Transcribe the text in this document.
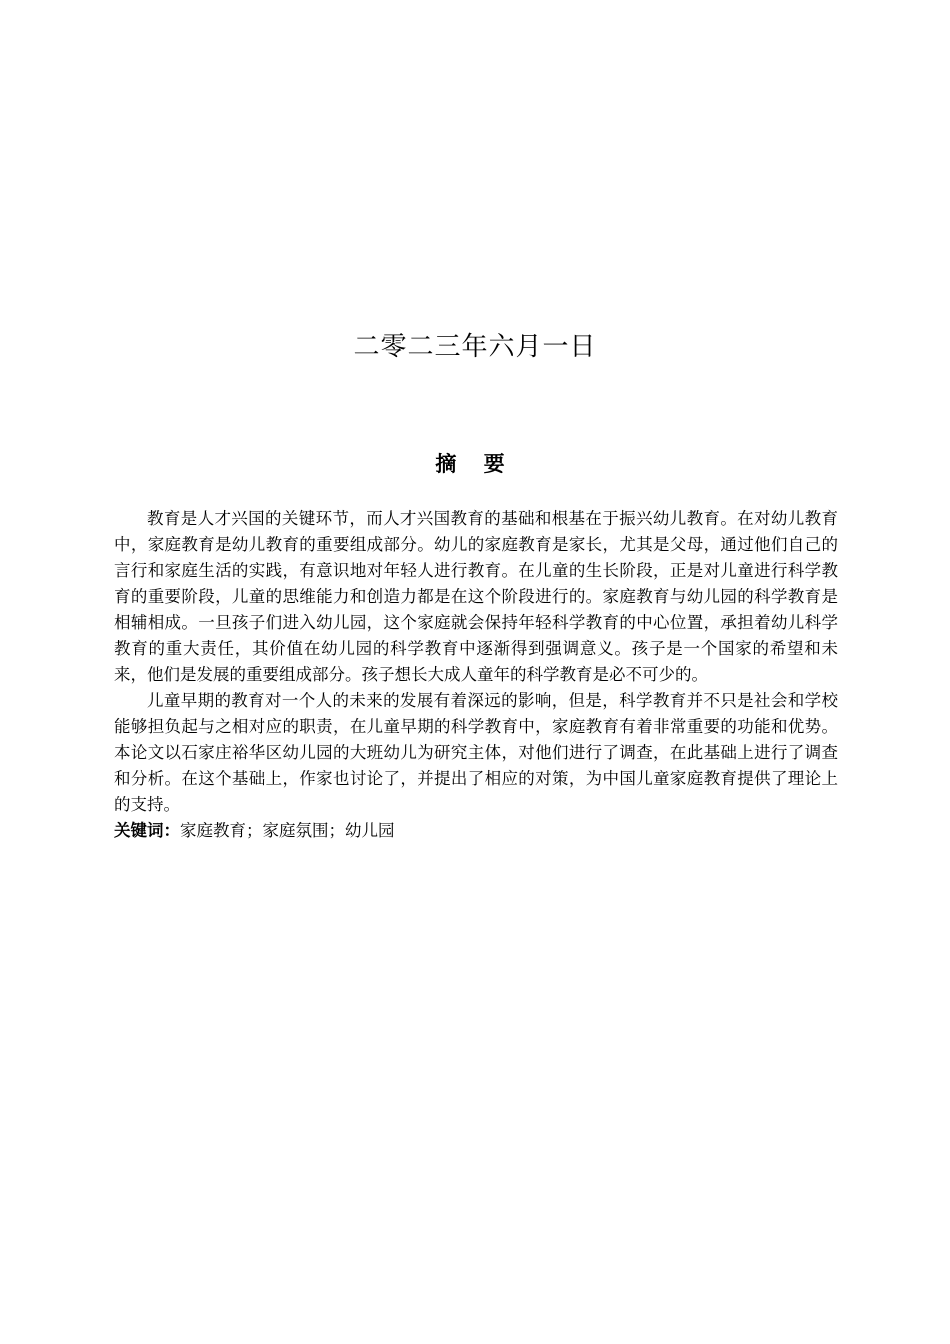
二零二三年六月一日
摘 要

教育是人才兴国的关键环节，而人才兴国教育的基础和根基在于振兴幼儿教育。在对幼儿教育中，家庭教育是幼儿教育的重要组成部分。幼儿的家庭教育是家长，尤其是父母，通过他们自己的言行和家庭生活的实践，有意识地对年轻人进行教育。在儿童的生长阶段，正是对儿童进行科学教育的重要阶段，儿童的思维能力和创造力都是在这个阶段进行的。家庭教育与幼儿园的科学教育是相辅相成。一旦孩子们进入幼儿园，这个家庭就会保持年轻科学教育的中心位置，承担着幼儿科学教育的重大责任，其价值在幼儿园的科学教育中逐渐得到强调意义。孩子是一个国家的希望和未来，他们是发展的重要组成部分。孩子想长大成人童年的科学教育是必不可少的。

儿童早期的教育对一个人的未来的发展有着深远的影响，但是，科学教育并不只是社会和学校能够担负起与之相对应的职责，在儿童早期的科学教育中，家庭教育有着非常重要的功能和优势。本论文以石家庄裕华区幼儿园的大班幼儿为研究主体，对他们进行了调查，在此基础上进行了调查和分析。在这个基础上，作家也讨论了，并提出了相应的对策，为中国儿童家庭教育提供了理论上的支持。

关键词：家庭教育；家庭氛围；幼儿园
